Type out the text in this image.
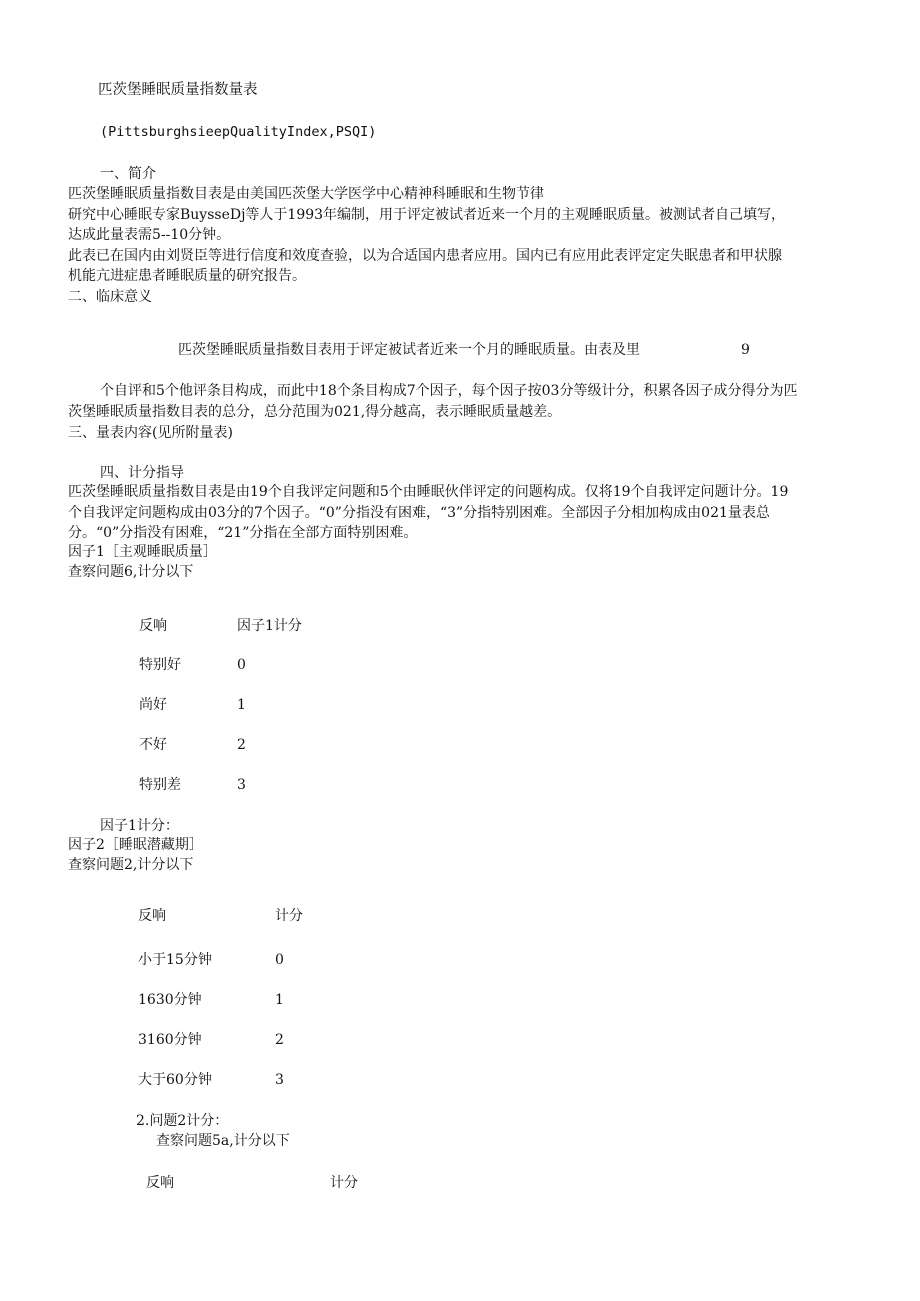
匹茨堡睡眠质量指数量表
(PittsburghsieepQualityIndex,PSQI)
一、简介
匹茨堡睡眠质量指数目表是由美国匹茨堡大学医学中心精神科睡眠和生物节律
研究中心睡眠专家BuysseDj等人于1993年编制，用于评定被试者近来一个月的主观睡眠质量。被测试者自己填写，
达成此量表需5--10分钟。
此表已在国内由刘贤臣等进行信度和效度查验，以为合适国内患者应用。国内已有应用此表评定定失眠患者和甲状腺
机能亢进症患者睡眠质量的研究报告。
二、临床意义
匹茨堡睡眠质量指数目表用于评定被试者近来一个月的睡眠质量。由表及里	9
个自评和5个他评条目构成，而此中18个条目构成7个因子，每个因子按03分等级计分，积累各因子成分得分为匹
茨堡睡眠质量指数目表的总分，总分范围为021,得分越高，表示睡眠质量越差。
三、量表内容(见所附量表)
四、计分指导
匹茨堡睡眠质量指数目表是由19个自我评定问题和5个由睡眠伙伴评定的问题构成。仅将19个自我评定问题计分。19
个自我评定问题构成由03分的7个因子。“0”分指没有困难，“3”分指特别困难。全部因子分相加构成由021量表总
分。“0”分指没有困难，“21”分指在全部方面特别困难。
因子1［主观睡眠质量］
查察问题6,计分以下
反响	因子1计分
特别好	0
尚好	1
不好	2
特别差	3
因子1计分：
因子2［睡眠潜藏期］
查察问题2,计分以下
反响	计分
小于15分钟	0
1630分钟	1
3160分钟	2
大于60分钟	3
2.问题2计分：
查察问题5a,计分以下
反响	计分
